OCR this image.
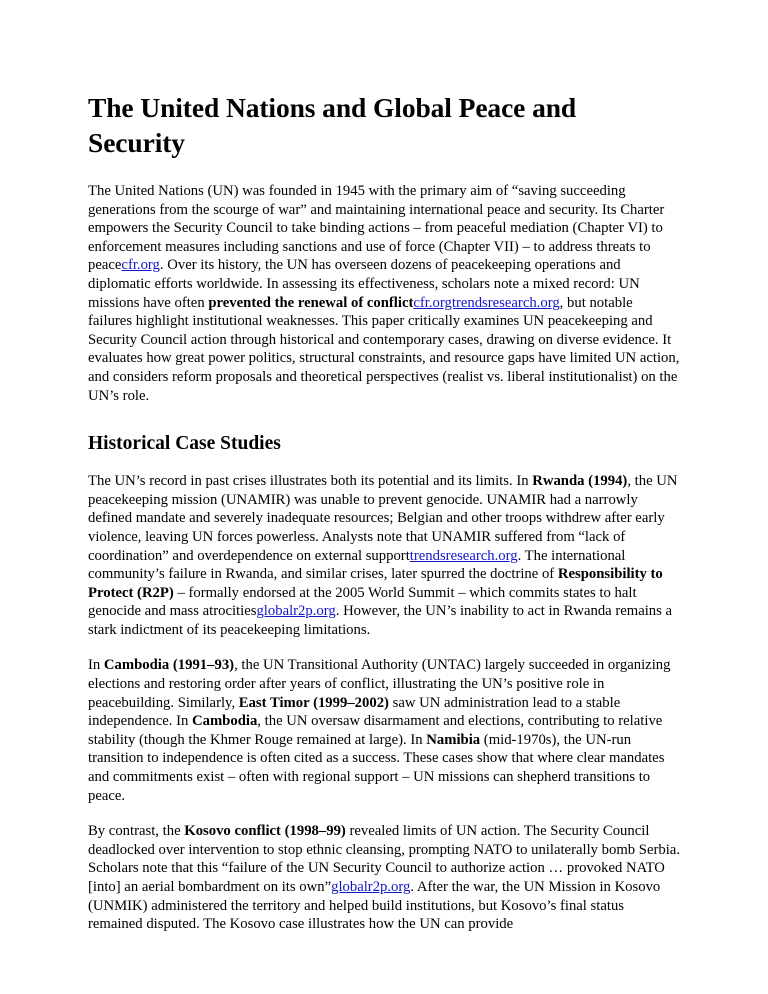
The United Nations and Global Peace and Security

The United Nations (UN) was founded in 1945 with the primary aim of “saving succeeding generations from the scourge of war” and maintaining international peace and security. Its Charter empowers the Security Council to take binding actions – from peaceful mediation (Chapter VI) to enforcement measures including sanctions and use of force (Chapter VII) – to address threats to peacecfr.org. Over its history, the UN has overseen dozens of peacekeeping operations and diplomatic efforts worldwide. In assessing its effectiveness, scholars note a mixed record: UN missions have often prevented the renewal of conflictcfr.orgtrendsresearch.org, but notable failures highlight institutional weaknesses. This paper critically examines UN peacekeeping and Security Council action through historical and contemporary cases, drawing on diverse evidence. It evaluates how great power politics, structural constraints, and resource gaps have limited UN action, and considers reform proposals and theoretical perspectives (realist vs. liberal institutionalist) on the UN’s role.

Historical Case Studies

The UN’s record in past crises illustrates both its potential and its limits. In Rwanda (1994), the UN peacekeeping mission (UNAMIR) was unable to prevent genocide. UNAMIR had a narrowly defined mandate and severely inadequate resources; Belgian and other troops withdrew after early violence, leaving UN forces powerless. Analysts note that UNAMIR suffered from “lack of coordination” and overdependence on external supporttrendsresearch.org. The international community’s failure in Rwanda, and similar crises, later spurred the doctrine of Responsibility to Protect (R2P) – formally endorsed at the 2005 World Summit – which commits states to halt genocide and mass atrocitiesglobalr2p.org. However, the UN’s inability to act in Rwanda remains a stark indictment of its peacekeeping limitations.

In Cambodia (1991–93), the UN Transitional Authority (UNTAC) largely succeeded in organizing elections and restoring order after years of conflict, illustrating the UN’s positive role in peacebuilding. Similarly, East Timor (1999–2002) saw UN administration lead to a stable independence. In Cambodia, the UN oversaw disarmament and elections, contributing to relative stability (though the Khmer Rouge remained at large). In Namibia (mid-1970s), the UN-run transition to independence is often cited as a success. These cases show that where clear mandates and commitments exist – often with regional support – UN missions can shepherd transitions to peace.

By contrast, the Kosovo conflict (1998–99) revealed limits of UN action. The Security Council deadlocked over intervention to stop ethnic cleansing, prompting NATO to unilaterally bomb Serbia. Scholars note that this “failure of the UN Security Council to authorize action … provoked NATO [into] an aerial bombardment on its own”globalr2p.org. After the war, the UN Mission in Kosovo (UNMIK) administered the territory and helped build institutions, but Kosovo’s final status remained disputed. The Kosovo case illustrates how the UN can provide
